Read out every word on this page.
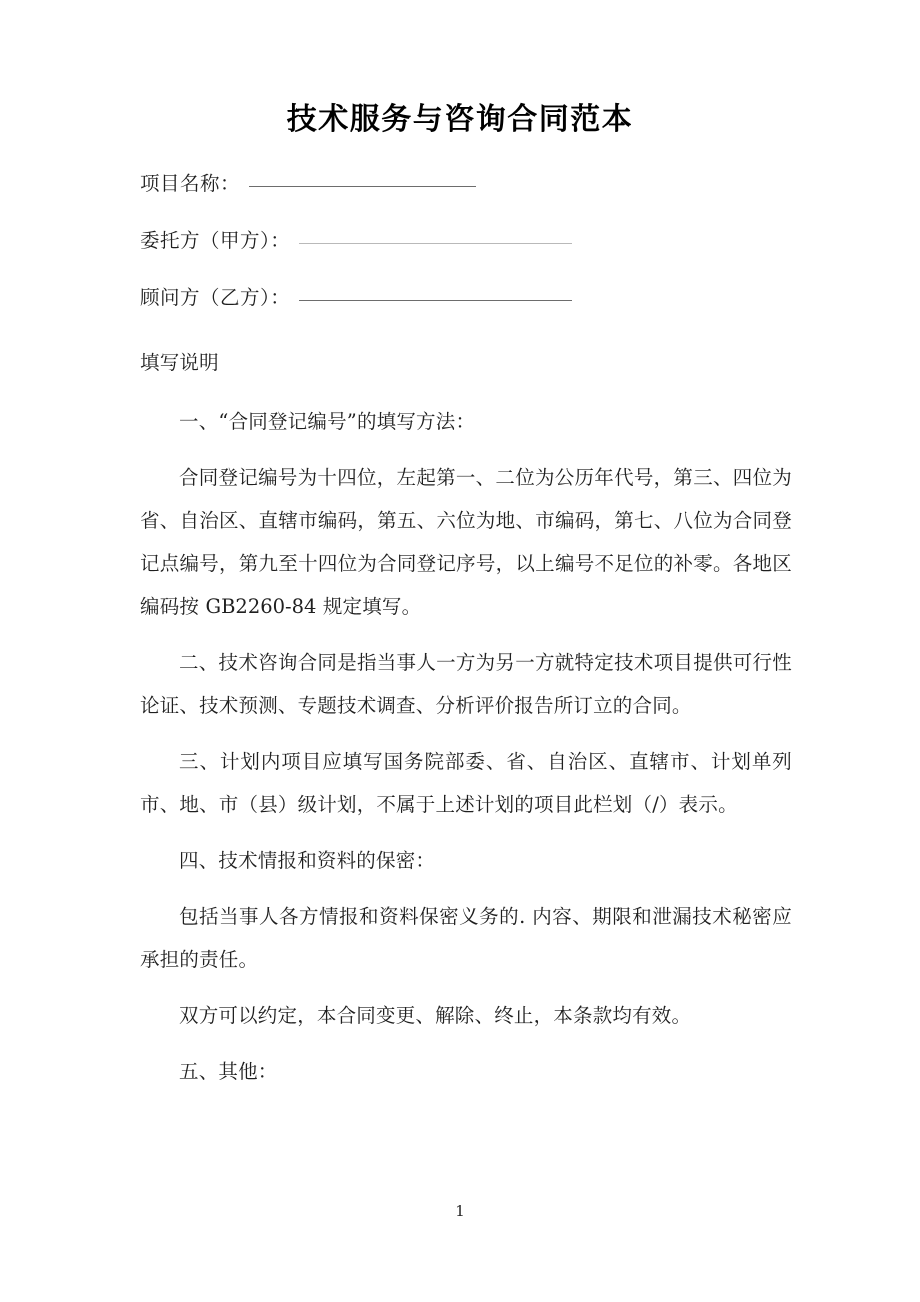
技术服务与咨询合同范本
项目名称：
委托方（甲方）：
顾问方（乙方）：

填写说明

一、“合同登记编号”的填写方法：

合同登记编号为十四位，左起第一、二位为公历年代号，第三、四位为省、自治区、直辖市编码，第五、六位为地、市编码，第七、八位为合同登记点编号，第九至十四位为合同登记序号，以上编号不足位的补零。各地区编码按 GB2260-84 规定填写。

二、技术咨询合同是指当事人一方为另一方就特定技术项目提供可行性论证、技术预测、专题技术调查、分析评价报告所订立的合同。

三、计划内项目应填写国务院部委、省、自治区、直辖市、计划单列市、地、市（县）级计划，不属于上述计划的项目此栏划（/）表示。

四、技术情报和资料的保密：

包括当事人各方情报和资料保密义务的. 内容、期限和泄漏技术秘密应承担的责任。

双方可以约定，本合同变更、解除、终止，本条款均有效。

五、其他：

1
